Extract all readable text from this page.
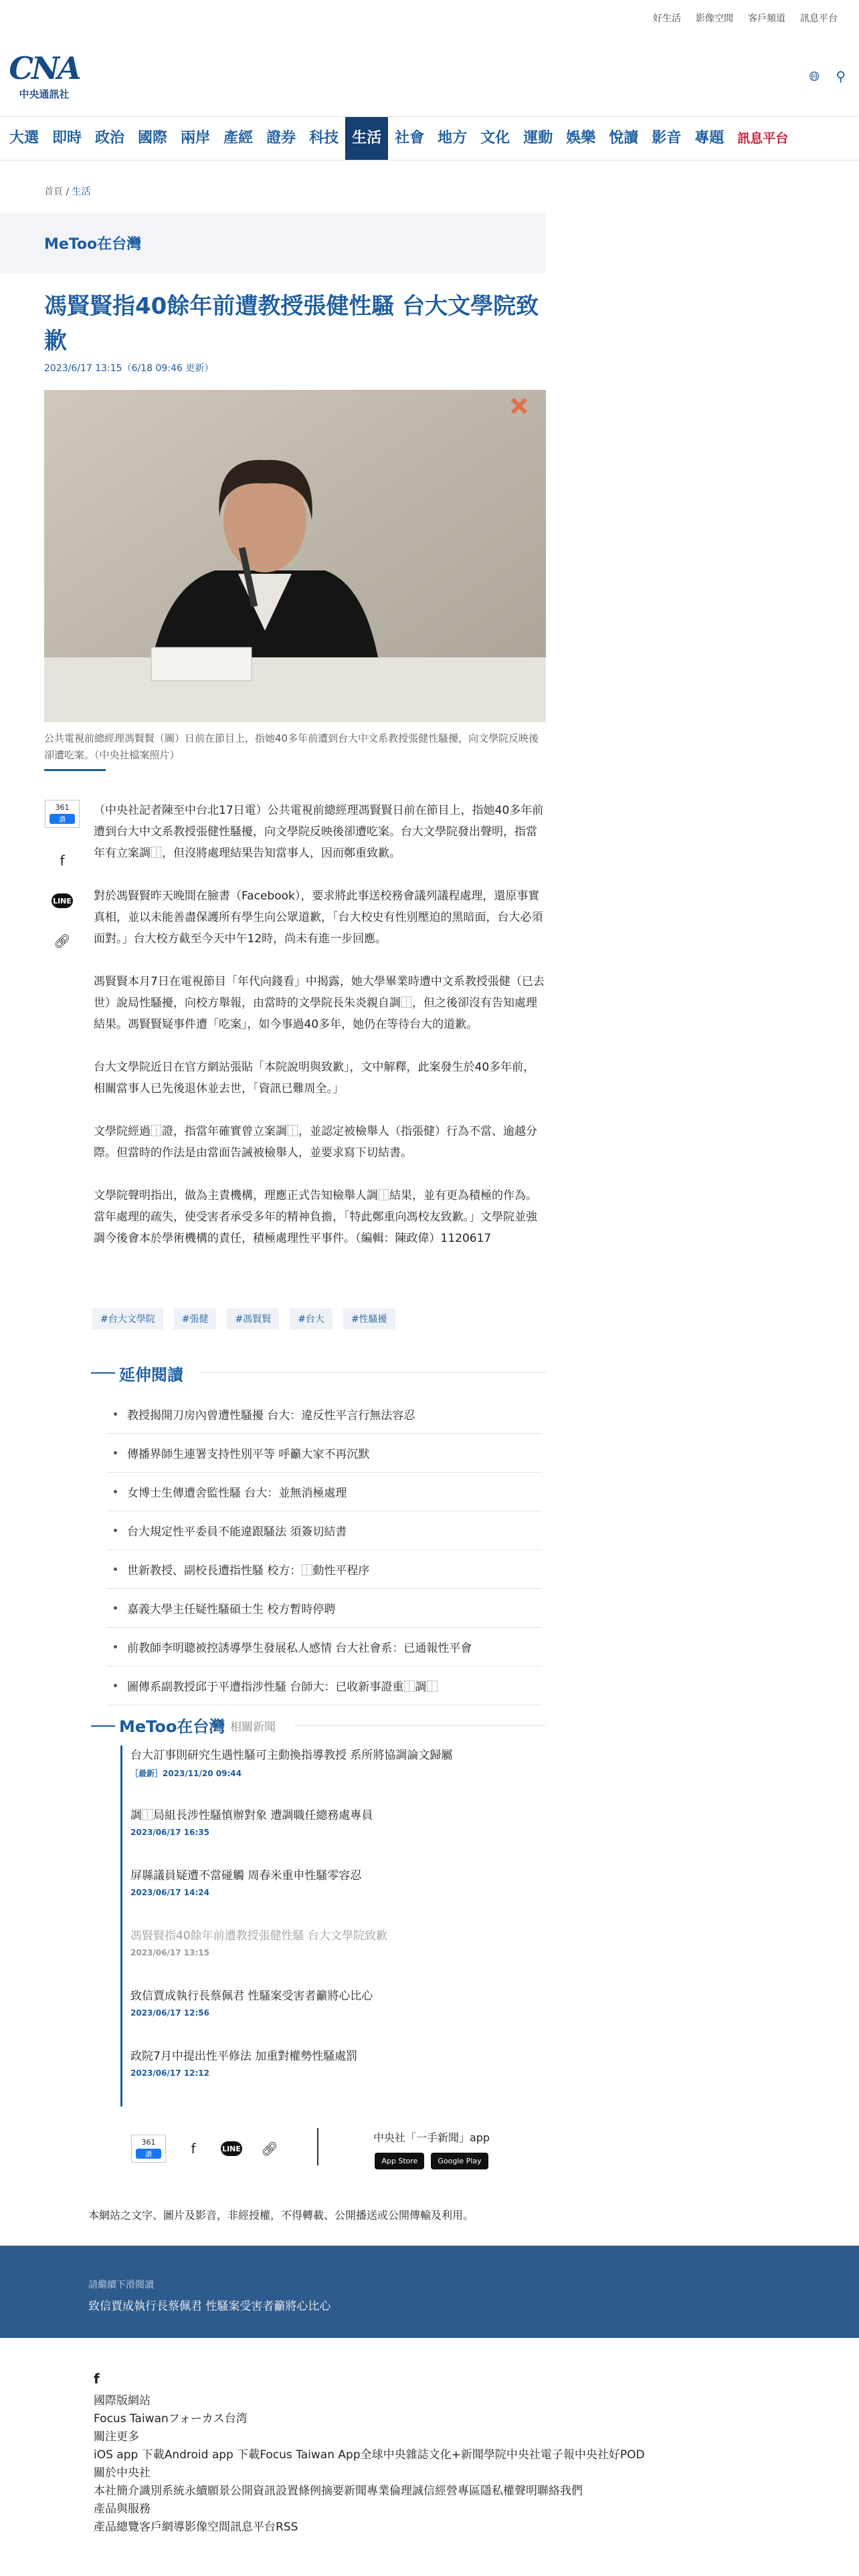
好生活 影像空間 客戶頻道 訊息平台
CNA
中央通訊社
🌐︎ ⚲
大選 即時 政治 國際 兩岸 產經 證券 科技 生活 社會 地方 文化 運動 娛樂 悅讀 影音 專題	訊息平台
首頁 / 生活
MeToo在台灣
馮賢賢指40餘年前遭教授張健性騷 台大文學院致歉
2023/6/17 13:15（6/18 09:46 更新）
公共電視前總經理馮賢賢（圖）日前在節目上，指她40多年前遭到台大中文系教授張健性騷擾，向文學院反映後卻遭吃案。（中央社檔案照片）
361
讚
f
LINE
🔗︎

（中央社記者陳至中台北17日電）公共電視前總經理馮賢賢日前在節目上，指她40多年前遭到台大中文系教授張健性騷擾，向文學院反映後卻遭吃案。台大文學院發出聲明，指當年有立案調⿰，但沒將處理結果告知當事人，因而鄭重致歉。

對於馮賢賢昨天晚間在臉書（Facebook），要求將此事送校務會議列議程處理，還原事實真相，並以未能善盡保護所有學生向公眾道歉，「台大校史有性別壓迫的黑暗面，台大必須面對。」台大校方截至今天中午12時，尚未有進一步回應。

馮賢賢本月7日在電視節目「年代向錢看」中揭露，她大學畢業時遭中文系教授張健（已去世）說局性騷擾，向校方舉報，由當時的文學院長朱炎親自調⿰，但之後卻沒有告知處理結果。馮賢賢疑事件遭「吃案」，如今事過40多年，她仍在等待台大的道歉。

台大文學院近日在官方網站張貼「本院說明與致歉」，文中解釋，此案發生於40多年前，相關當事人已先後退休並去世，「資訊已難周全。」

文學院經過⿰證，指當年確實曾立案調⿰，並認定被檢舉人（指張健）行為不當、逾越分際。但當時的作法是由當面告誡被檢舉人，並要求寫下切結書。

文學院聲明指出，做為主責機構，理應正式告知檢舉人調⿰結果，並有更為積極的作為。當年處理的疏失，使受害者承受多年的精神負擔，「特此鄭重向馮校友致歉。」文學院並強調今後會本於學術機構的責任，積極處理性平事件。（編輯：陳政偉）1120617

#台大文學院	#張健	#馮賢賢	#台大	#性騷擾
延伸閱讀
教授揭開刀房內曾遭性騷擾 台大：違反性平言行無法容忍
傳播界師生連署支持性別平等 呼籲大家不再沉默
女博士生傳遭舍監性騷 台大：並無消極處理
台大規定性平委員不能違跟騷法 須簽切結書
世新教授、副校長遭指性騷 校方：⿰動性平程序
嘉義大學主任疑性騷碩士生 校方暫時停聘
前教師李明聰被控誘導學生發展私人感情 台大社會系：已通報性平會
圖傳系副教授邱于平遭指涉性騷 台師大：已收新事證重⿰調⿰
MeToo在台灣 相關新聞
台大訂事則研究生遇性騷可主動換指導教授 系所將協調論文歸屬
［最新］2023/11/20 09:44
調⿰局組長涉性騷慎辦對象 遭調職任總務處專員
2023/06/17 16:35
屏縣議員疑遭不當碰觸 周春米重申性騷零容忍
2023/06/17 14:24
馮賢賢指40餘年前遭教授張健性騷 台大文學院致歉
2023/06/17 13:15
致信賈成執行長蔡佩君 性騷案受害者籲將心比心
2023/06/17 12:56
政院7月中提出性平修法 加重對權勢性騷處罰
2023/06/17 12:12
361
讚	f	LINE 🔗︎
中央社「一手新聞」app
App Store	Google Play
本網站之文字、圖片及影音，非經授權，不得轉載、公開播送或公開傳輸及利用。
請繼續下滑閱讀
致信賈成執行長蔡佩君 性騷案受害者籲將心比心
f
國際版網站
Focus Taiwanフォーカス台湾
關注更多
iOS app 下載Android app 下載Focus Taiwan App全球中央雜誌文化+新聞學院中央社電子報中央社好POD
關於中央社
本社簡介識別系統永續願景公開資訊設置條例摘要新聞專業倫理誠信經營專區隱私權聲明聯絡我們
產品與服務
產品總覽客戶網導影像空間訊息平台RSS
